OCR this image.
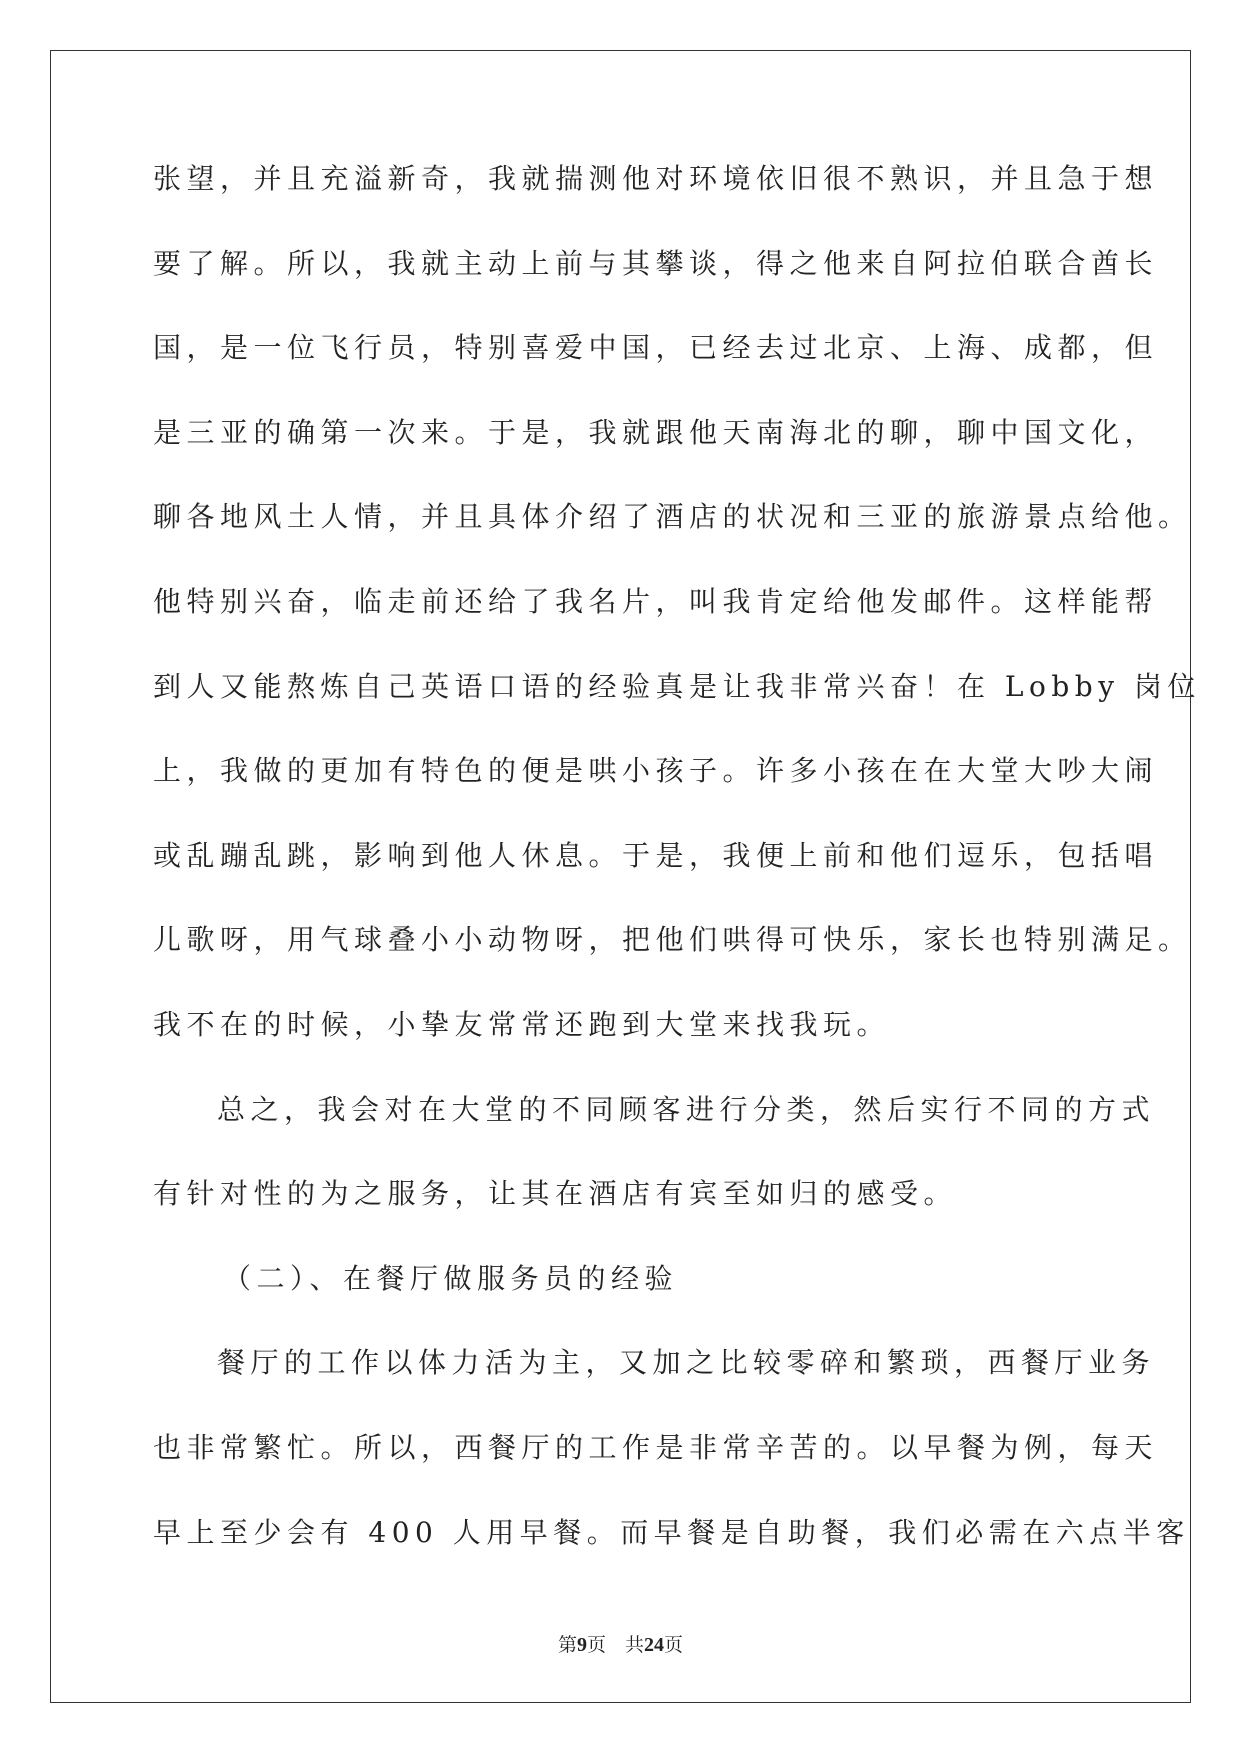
张望，并且充溢新奇，我就揣测他对环境依旧很不熟识，并且急于想
要了解。所以，我就主动上前与其攀谈，得之他来自阿拉伯联合酋长
国，是一位飞行员，特别喜爱中国，已经去过北京、上海、成都，但
是三亚的确第一次来。于是，我就跟他天南海北的聊，聊中国文化，
聊各地风土人情，并且具体介绍了酒店的状况和三亚的旅游景点给他。
他特别兴奋，临走前还给了我名片，叫我肯定给他发邮件。这样能帮
到人又能熬炼自己英语口语的经验真是让我非常兴奋！在 Lobby 岗位
上，我做的更加有特色的便是哄小孩子。许多小孩在在大堂大吵大闹
或乱蹦乱跳，影响到他人休息。于是，我便上前和他们逗乐，包括唱
儿歌呀，用气球叠小小动物呀，把他们哄得可快乐，家长也特别满足。
我不在的时候，小挚友常常还跑到大堂来找我玩。
总之，我会对在大堂的不同顾客进行分类，然后实行不同的方式
有针对性的为之服务，让其在酒店有宾至如归的感受。
（二）、在餐厅做服务员的经验
餐厅的工作以体力活为主，又加之比较零碎和繁琐，西餐厅业务
也非常繁忙。所以，西餐厅的工作是非常辛苦的。以早餐为例，每天
早上至少会有 400 人用早餐。而早餐是自助餐，我们必需在六点半客
第9页　 共24页
